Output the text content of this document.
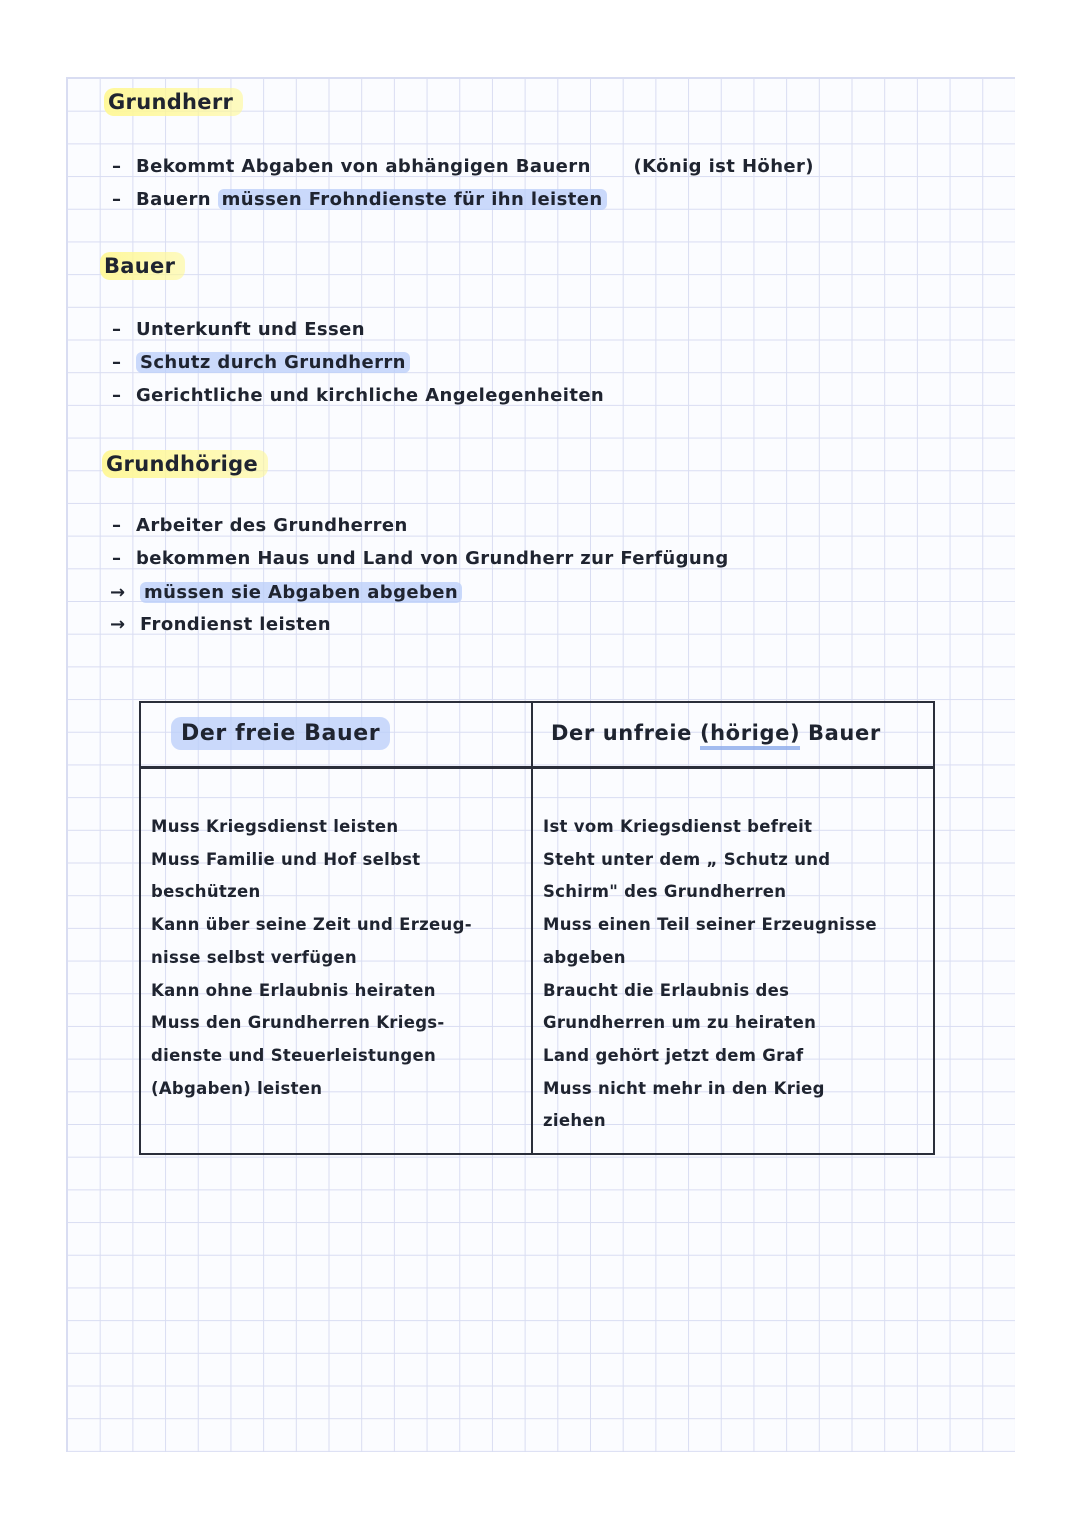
Grundherr
– Bekommt Abgaben von abhängigen Bauern (König ist Höher)
– Bauern müssen Frohndienste für ihn leisten
Bauer
– Unterkunft und Essen
– Schutz durch Grundherrn
– Gerichtliche und kirchliche Angelegenheiten
Grundhörige
– Arbeiter des Grundherren
– bekommen Haus und Land von Grundherr zur Ferfügung
→ müssen sie Abgaben abgeben
→ Frondienst leisten
Der freie Bauer	Der unfreie (hörige) Bauer
Muss Kriegsdienst leisten
Muss Familie und Hof selbst
beschützen
Kann über seine Zeit und Erzeug-
nisse selbst verfügen
Kann ohne Erlaubnis heiraten
Muss den Grundherren Kriegs-
dienste und Steuerleistungen
(Abgaben) leisten
Ist vom Kriegsdienst befreit
Steht unter dem „ Schutz und
Schirm" des Grundherren
Muss einen Teil seiner Erzeugnisse
abgeben
Braucht die Erlaubnis des
Grundherren um zu heiraten
Land gehört jetzt dem Graf
Muss nicht mehr in den Krieg
ziehen
